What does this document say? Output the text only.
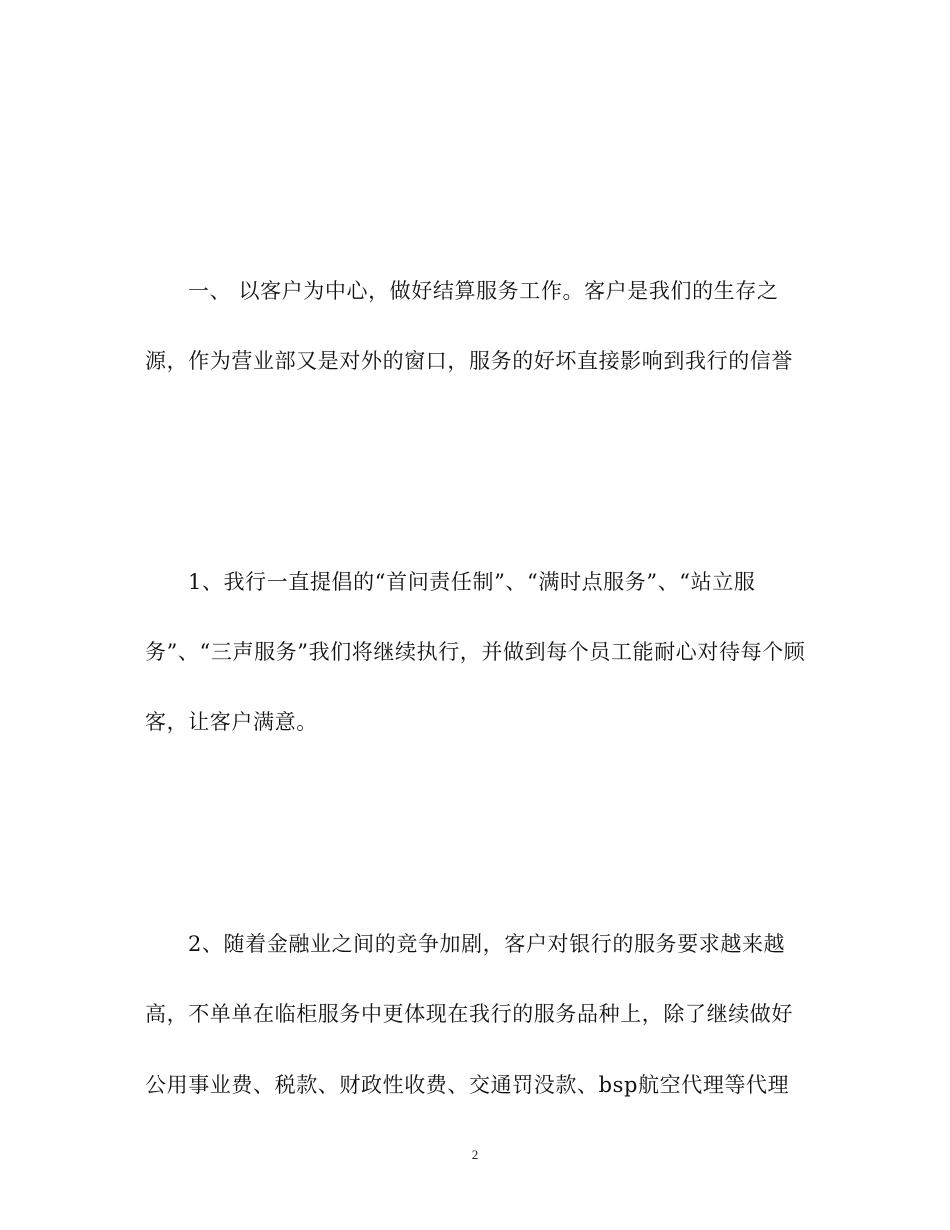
一、 以客户为中心，做好结算服务工作。客户是我们的生存之
源，作为营业部又是对外的窗口，服务的好坏直接影响到我行的信誉
1、我行一直提倡的“首问责任制”、“满时点服务”、“站立服
务”、“三声服务”我们将继续执行，并做到每个员工能耐心对待每个顾
客，让客户满意。
2、随着金融业之间的竞争加剧，客户对银行的服务要求越来越
高，不单单在临柜服务中更体现在我行的服务品种上，除了继续做好
公用事业费、税款、财政性收费、交通罚没款、bsp航空代理等代理
2
